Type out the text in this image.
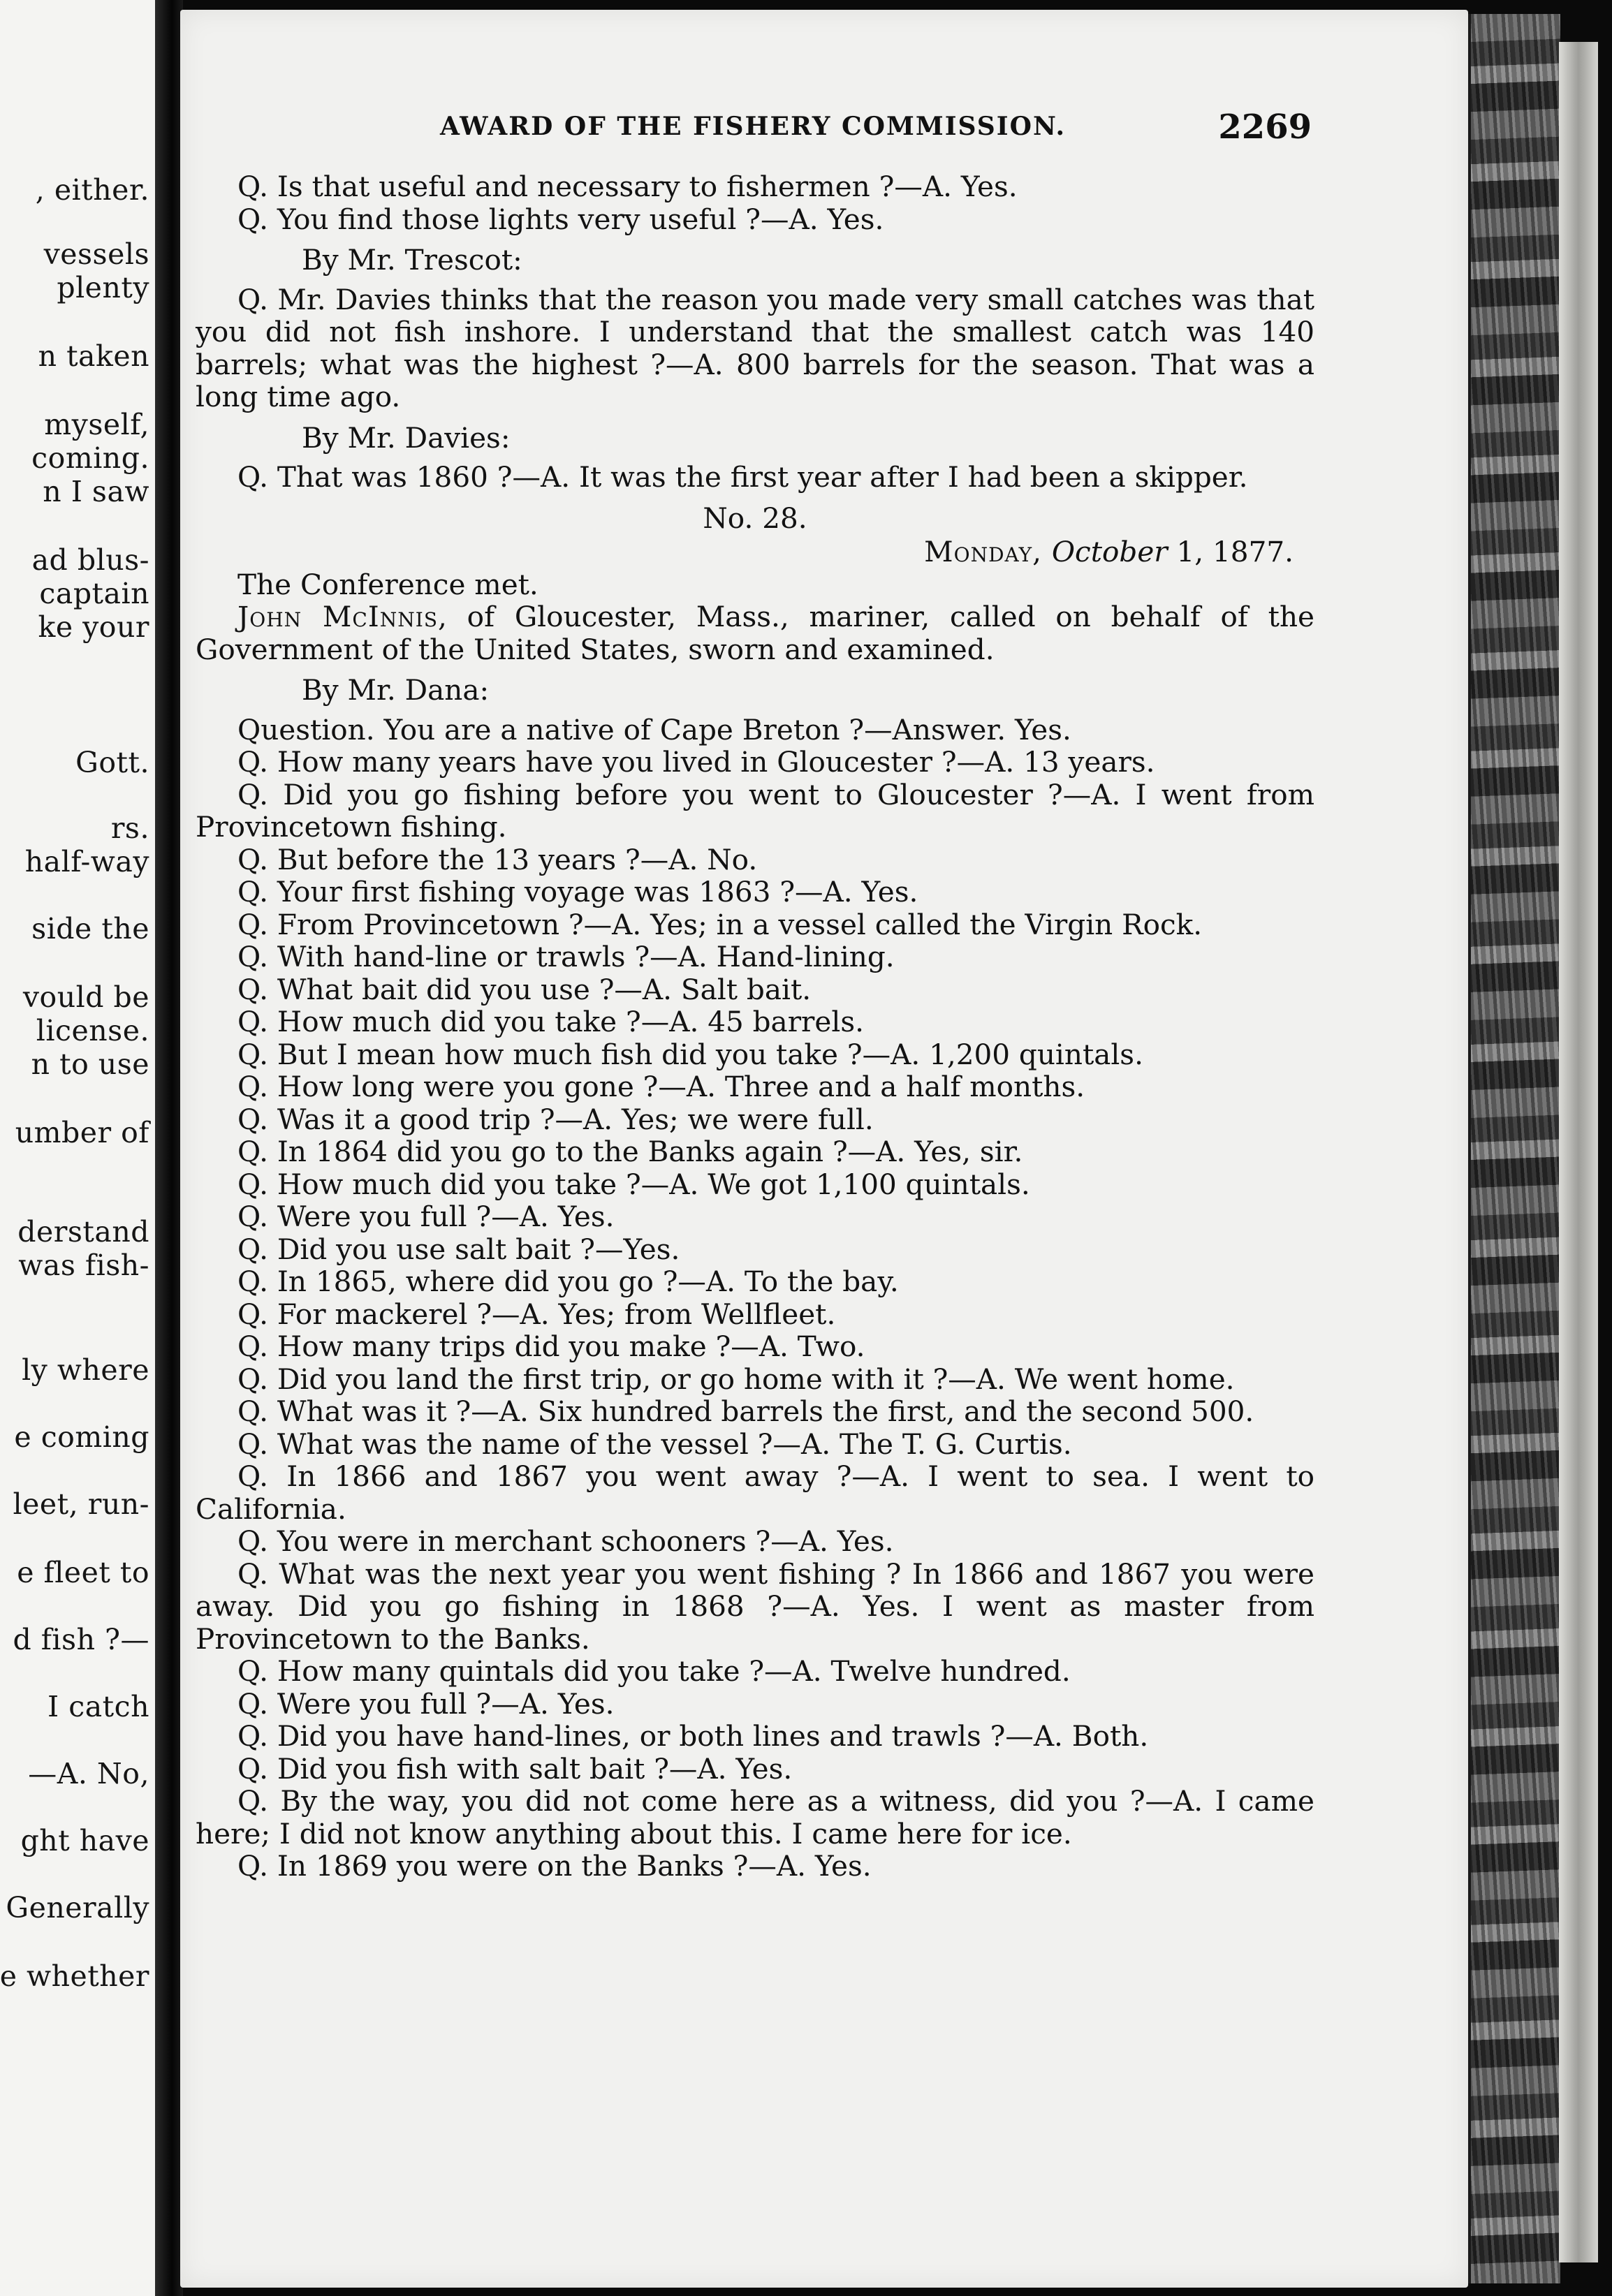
, either.
vessels
plenty
n taken
myself,
coming.
n I saw
ad blus-
captain
ke your
Gott.
rs.
half-way
side the
vould be
license.
n to use
umber of
derstand
was fish-
ly where
e coming
leet, run-
e fleet to
d fish ?—
I catch
—A. No,
ght have
Generally
e whether
AWARD OF THE FISHERY COMMISSION.	2269

Q. Is that useful and necessary to fishermen ?—A. Yes.

Q. You find those lights very useful ?—A. Yes.

By Mr. Trescot:

Q. Mr. Davies thinks that the reason you made very small catches was that you did not fish inshore. I understand that the smallest catch was 140 barrels; what was the highest ?—A. 800 barrels for the season. That was a long time ago.

By Mr. Davies:

Q. That was 1860 ?—A. It was the first year after I had been a skipper.

No. 28.

Monday, October 1, 1877.

The Conference met.

John McInnis, of Gloucester, Mass., mariner, called on behalf of the Government of the United States, sworn and examined.

By Mr. Dana:

Question. You are a native of Cape Breton ?—Answer. Yes.

Q. How many years have you lived in Gloucester ?—A. 13 years.

Q. Did you go fishing before you went to Gloucester ?—A. I went from Provincetown fishing.

Q. But before the 13 years ?—A. No.

Q. Your first fishing voyage was 1863 ?—A. Yes.

Q. From Provincetown ?—A. Yes; in a vessel called the Virgin Rock.

Q. With hand-line or trawls ?—A. Hand-lining.

Q. What bait did you use ?—A. Salt bait.

Q. How much did you take ?—A. 45 barrels.

Q. But I mean how much fish did you take ?—A. 1,200 quintals.

Q. How long were you gone ?—A. Three and a half months.

Q. Was it a good trip ?—A. Yes; we were full.

Q. In 1864 did you go to the Banks again ?—A. Yes, sir.

Q. How much did you take ?—A. We got 1,100 quintals.

Q. Were you full ?—A. Yes.

Q. Did you use salt bait ?—Yes.

Q. In 1865, where did you go ?—A. To the bay.

Q. For mackerel ?—A. Yes; from Wellfleet.

Q. How many trips did you make ?—A. Two.

Q. Did you land the first trip, or go home with it ?—A. We went home.

Q. What was it ?—A. Six hundred barrels the first, and the second 500.

Q. What was the name of the vessel ?—A. The T. G. Curtis.

Q. In 1866 and 1867 you went away ?—A. I went to sea. I went to California.

Q. You were in merchant schooners ?—A. Yes.

Q. What was the next year you went fishing ? In 1866 and 1867 you were away. Did you go fishing in 1868 ?—A. Yes. I went as master from Provincetown to the Banks.

Q. How many quintals did you take ?—A. Twelve hundred.

Q. Were you full ?—A. Yes.

Q. Did you have hand-lines, or both lines and trawls ?—A. Both.

Q. Did you fish with salt bait ?—A. Yes.

Q. By the way, you did not come here as a witness, did you ?—A. I came here; I did not know anything about this. I came here for ice.

Q. In 1869 you were on the Banks ?—A. Yes.
